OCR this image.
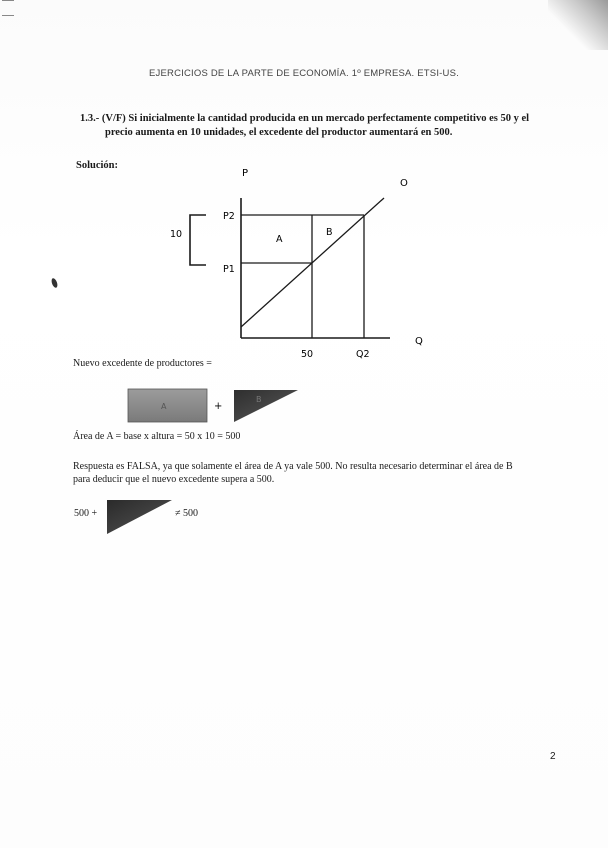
EJERCICIOS DE LA PARTE DE ECONOMÍA. 1º EMPRESA. ETSI-US.
1.3.- (V/F) Si inicialmente la cantidad producida en un mercado perfectamente competitivo es 50 y el
precio aumenta en 10 unidades, el excedente del productor aumentará en 500.
Solución:
P
O
Q
P2
P1
10	A
B
50	Q2
Nuevo excedente de productores =
A	+
B
Área de A = base x altura = 50 x 10 = 500
Respuesta es FALSA, ya que solamente el área de A ya vale 500. No resulta necesario determinar el área de B
para deducir que el nuevo excedente supera a 500.
500 +	≠ 500
2
